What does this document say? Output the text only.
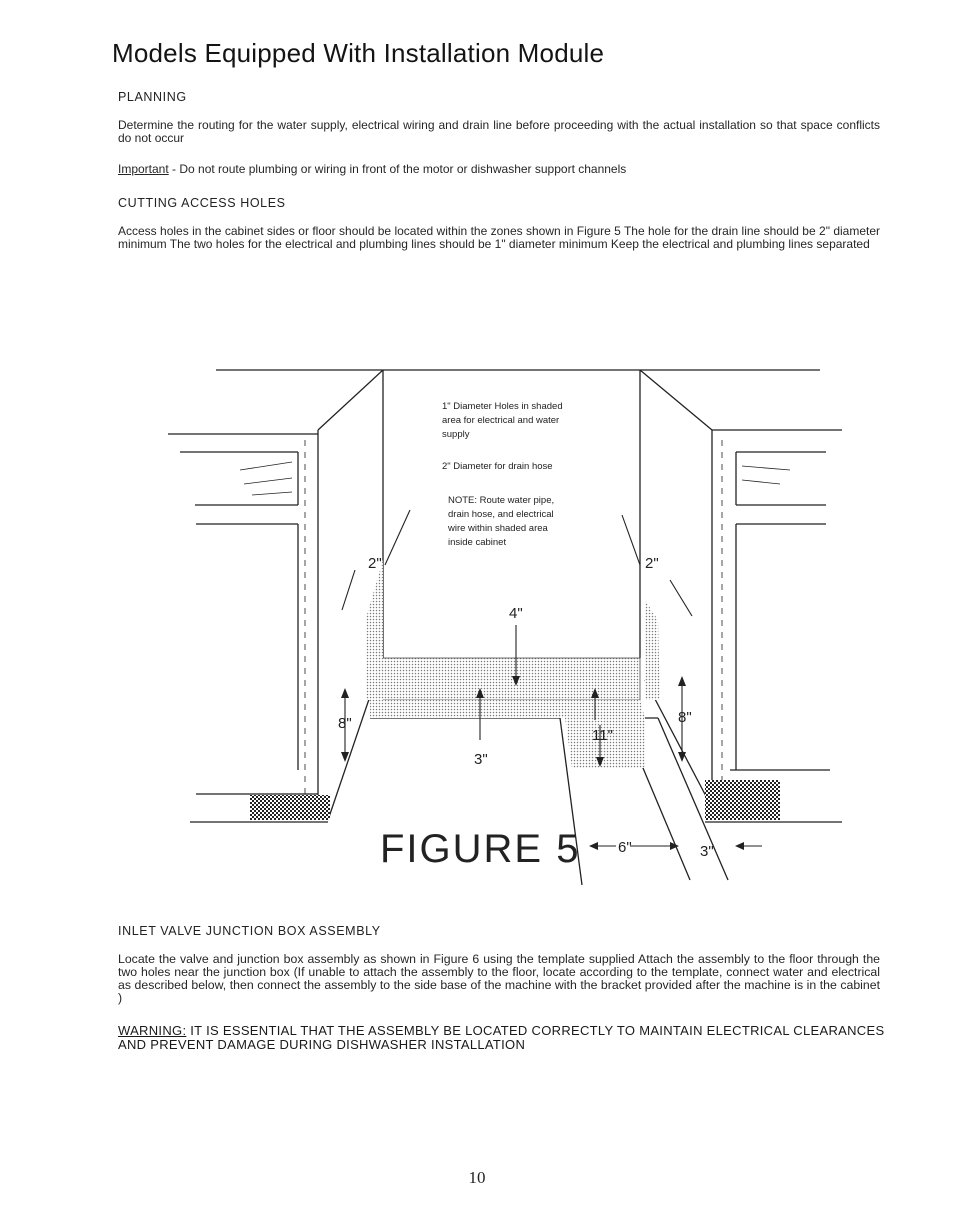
Models Equipped With Installation Module
PLANNING

Determine the routing for the water supply, electrical wiring and drain line before proceeding with the actual installation so that space conflicts do not occur

Important - Do not route plumbing or wiring in front of the motor or dishwasher support channels

CUTTING ACCESS HOLES

Access holes in the cabinet sides or floor should be located within the zones shown in Figure 5 The hole for the drain line should be 2" diameter minimum The two holes for the electrical and plumbing lines should be 1" diameter minimum Keep the electrical and plumbing lines separated

1" Diameter Holes in shaded
area for electrical and water
supply
2" Diameter for drain hose
NOTE: Route water pipe,
drain hose, and electrical
wire within shaded area
inside cabinet
2"	2"
4"
8"	8"
3"
11"
6"	3"
FIGURE 5
INLET VALVE JUNCTION BOX ASSEMBLY

Locate the valve and junction box assembly as shown in Figure 6 using the template supplied Attach the assembly to the floor through the two holes near the junction box (If unable to attach the assembly to the floor, locate according to the template, connect water and electrical as described below, then connect the assembly to the side base of the machine with the bracket provided after the machine is in the cabinet )

WARNING: IT IS ESSENTIAL THAT THE ASSEMBLY BE LOCATED CORRECTLY TO MAINTAIN ELECTRICAL CLEARANCES AND PREVENT DAMAGE DURING DISHWASHER INSTALLATION

10
